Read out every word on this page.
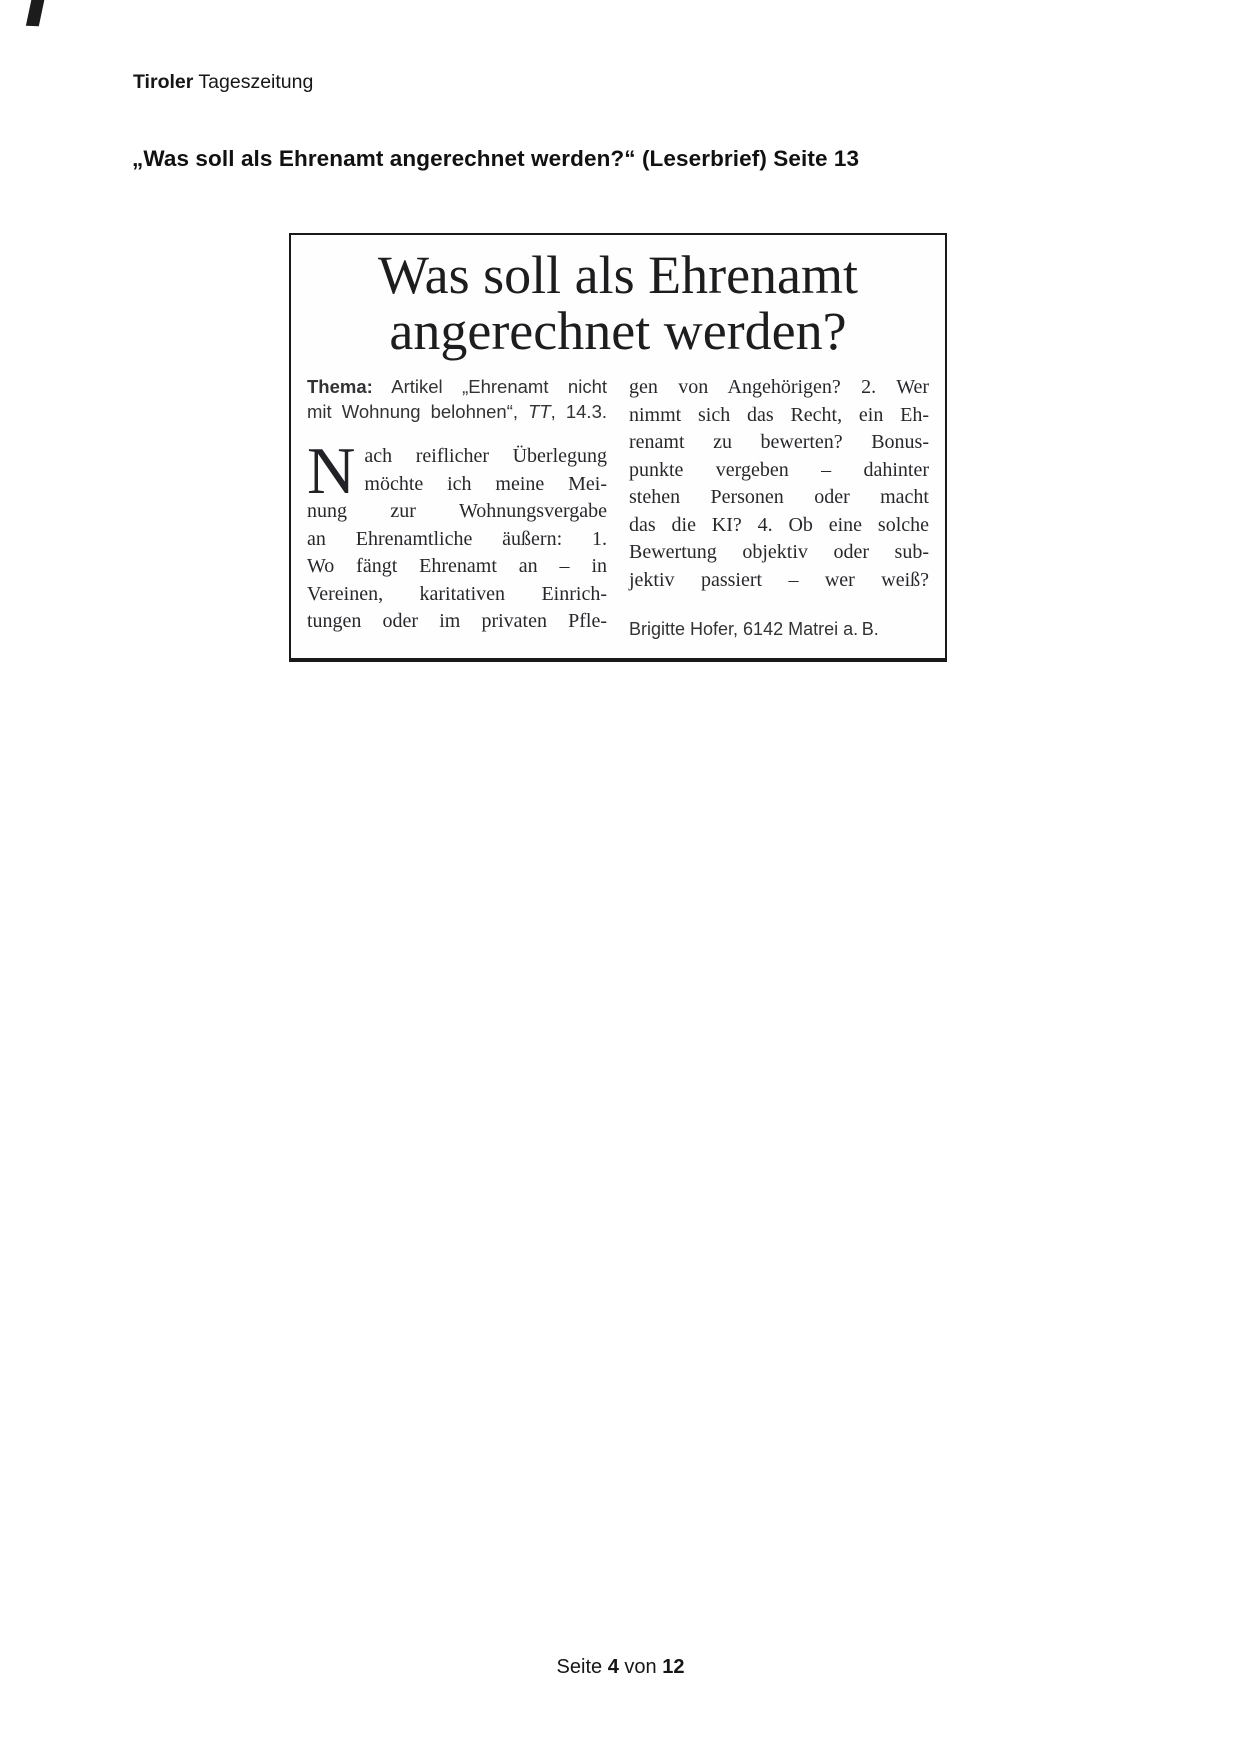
Tiroler Tageszeitung
„Was soll als Ehrenamt angerechnet werden?“ (Leserbrief) Seite 13
Was soll als Ehrenamt
angerechnet werden?
Thema: Artikel „Ehrenamt nicht
mit Wohnung belohnen“, TT, 14.3.
N ach reiflicher Überlegung
möchte ich meine Mei-
nung zur Wohnungsvergabe
an Ehrenamtliche äußern: 1.
Wo fängt Ehrenamt an – in
Vereinen, karitativen Einrich-
tungen oder im privaten Pfle-
gen von Angehörigen? 2. Wer
nimmt sich das Recht, ein Eh-
renamt zu bewerten? Bonus-
punkte vergeben – dahinter
stehen Personen oder macht
das die KI? 4. Ob eine solche
Bewertung objektiv oder sub-
jektiv passiert – wer weiß?
Brigitte Hofer, 6142 Matrei a. B.
Seite 4 von 12
